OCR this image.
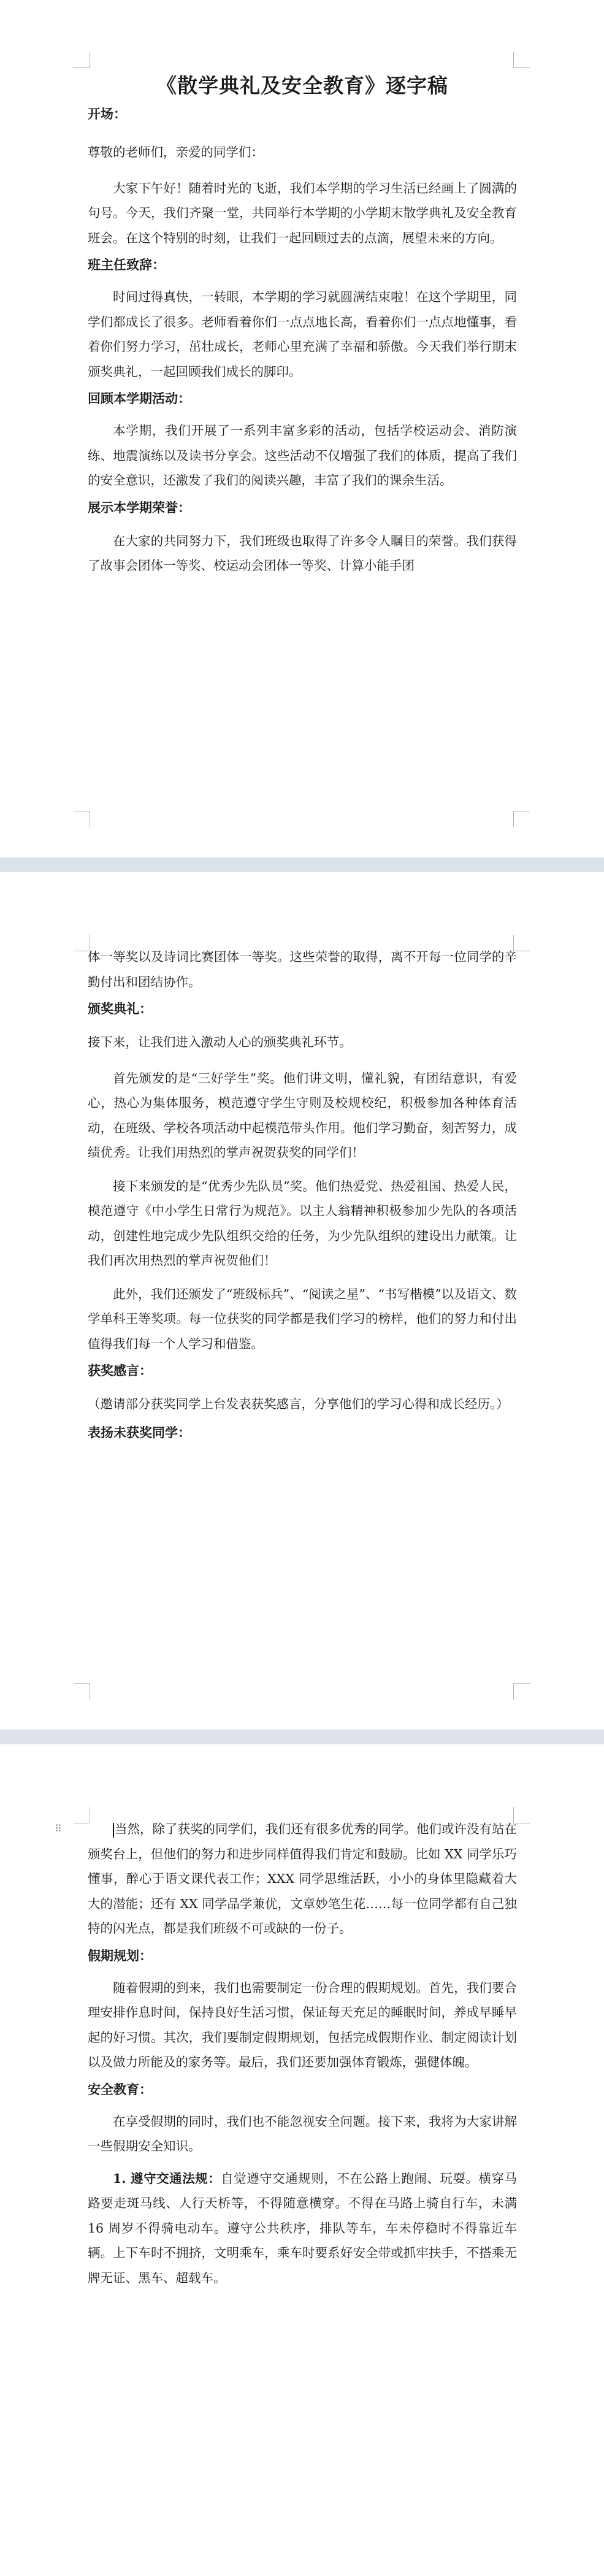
《散学典礼及安全教育》逐字稿

开场：

尊敬的老师们，亲爱的同学们：

大家下午好！随着时光的飞逝，我们本学期的学习生活已经画上了圆满的句号。今天，我们齐聚一堂，共同举行本学期的小学期末散学典礼及安全教育班会。在这个特别的时刻，让我们一起回顾过去的点滴，展望未来的方向。

班主任致辞：

时间过得真快，一转眼，本学期的学习就圆满结束啦！在这个学期里，同学们都成长了很多。老师看着你们一点点地长高，看着你们一点点地懂事，看着你们努力学习，茁壮成长，老师心里充满了幸福和骄傲。今天我们举行期末颁奖典礼，一起回顾我们成长的脚印。

回顾本学期活动：

本学期，我们开展了一系列丰富多彩的活动，包括学校运动会、消防演练、地震演练以及读书分享会。这些活动不仅增强了我们的体质，提高了我们的安全意识，还激发了我们的阅读兴趣，丰富了我们的课余生活。

展示本学期荣誉：

在大家的共同努力下，我们班级也取得了许多令人瞩目的荣誉。我们获得了故事会团体一等奖、校运动会团体一等奖、计算小能手团

体一等奖以及诗词比赛团体一等奖。这些荣誉的取得，离不开每一位同学的辛勤付出和团结协作。

颁奖典礼：

接下来，让我们进入激动人心的颁奖典礼环节。

首先颁发的是“三好学生”奖。他们讲文明，懂礼貌，有团结意识，有爱心，热心为集体服务，模范遵守学生守则及校规校纪，积极参加各种体育活动，在班级、学校各项活动中起模范带头作用。他们学习勤奋，刻苦努力，成绩优秀。让我们用热烈的掌声祝贺获奖的同学们！

接下来颁发的是“优秀少先队员”奖。他们热爱党、热爱祖国、热爱人民，模范遵守《中小学生日常行为规范》。以主人翁精神积极参加少先队的各项活动，创建性地完成少先队组织交给的任务，为少先队组织的建设出力献策。让我们再次用热烈的掌声祝贺他们！

此外，我们还颁发了“班级标兵”、“阅读之星”、“书写楷模”以及语文、数学单科王等奖项。每一位获奖的同学都是我们学习的榜样，他们的努力和付出值得我们每一个人学习和借鉴。

获奖感言：

（邀请部分获奖同学上台发表获奖感言，分享他们的学习心得和成长经历。）

表扬未获奖同学：

⠿	当然，除了获奖的同学们，我们还有很多优秀的同学。他们或许没有站在颁奖台上，但他们的努力和进步同样值得我们肯定和鼓励。比如 XX 同学乐巧懂事，醉心于语文课代表工作；XXX 同学思维活跃，小小的身体里隐藏着大大的潜能；还有 XX 同学品学兼优，文章妙笔生花……每一位同学都有自己独特的闪光点，都是我们班级不可或缺的一份子。

假期规划：

随着假期的到来，我们也需要制定一份合理的假期规划。首先，我们要合理安排作息时间，保持良好生活习惯，保证每天充足的睡眠时间，养成早睡早起的好习惯。其次，我们要制定假期规划，包括完成假期作业、制定阅读计划以及做力所能及的家务等。最后，我们还要加强体育锻炼，强健体魄。

安全教育：

在享受假期的同时，我们也不能忽视安全问题。接下来，我将为大家讲解一些假期安全知识。

1. 遵守交通法规：自觉遵守交通规则，不在公路上跑闹、玩耍。横穿马路要走斑马线、人行天桥等，不得随意横穿。不得在马路上骑自行车，未满 16 周岁不得骑电动车。遵守公共秩序，排队等车，车未停稳时不得靠近车辆。上下车时不拥挤，文明乘车，乘车时要系好安全带或抓牢扶手，不搭乘无牌无证、黑车、超载车。
